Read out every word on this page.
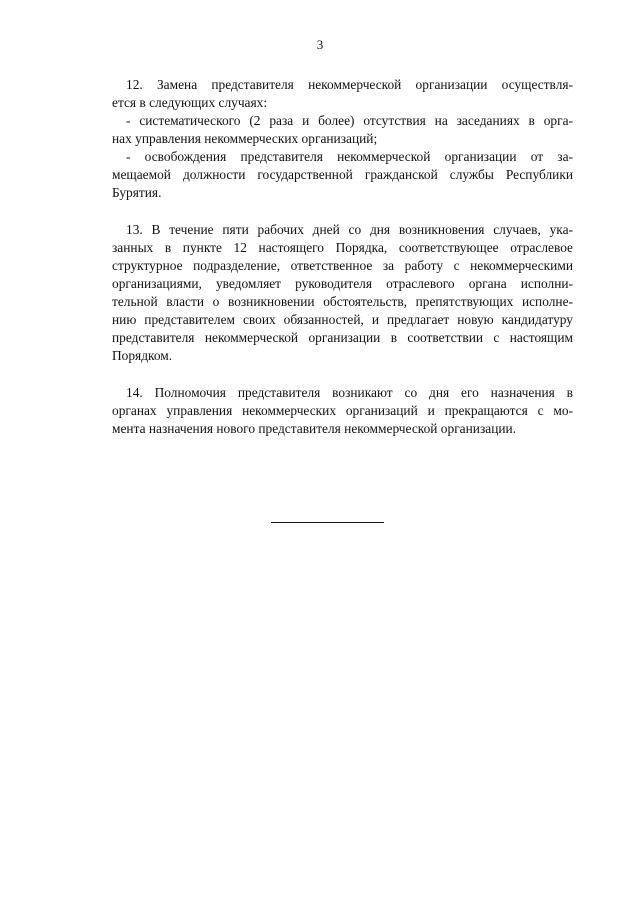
3
12. Замена представителя некоммерческой организации осуществля-
ется в следующих случаях:
- систематического (2 раза и более) отсутствия на заседаниях в орга-
нах управления некоммерческих организаций;
- освобождения представителя некоммерческой организации от за-
мещаемой должности государственной гражданской службы Республики
Бурятия.
13. В течение пяти рабочих дней со дня возникновения случаев, ука-
занных в пункте 12 настоящего Порядка, соответствующее отраслевое
структурное подразделение, ответственное за работу с некоммерческими
организациями, уведомляет руководителя отраслевого органа исполни-
тельной власти о возникновении обстоятельств, препятствующих исполне-
нию представителем своих обязанностей, и предлагает новую кандидатуру
представителя некоммерческой организации в соответствии с настоящим
Порядком.
14. Полномочия представителя возникают со дня его назначения в
органах управления некоммерческих организаций и прекращаются с мо-
мента назначения нового представителя некоммерческой организации.
